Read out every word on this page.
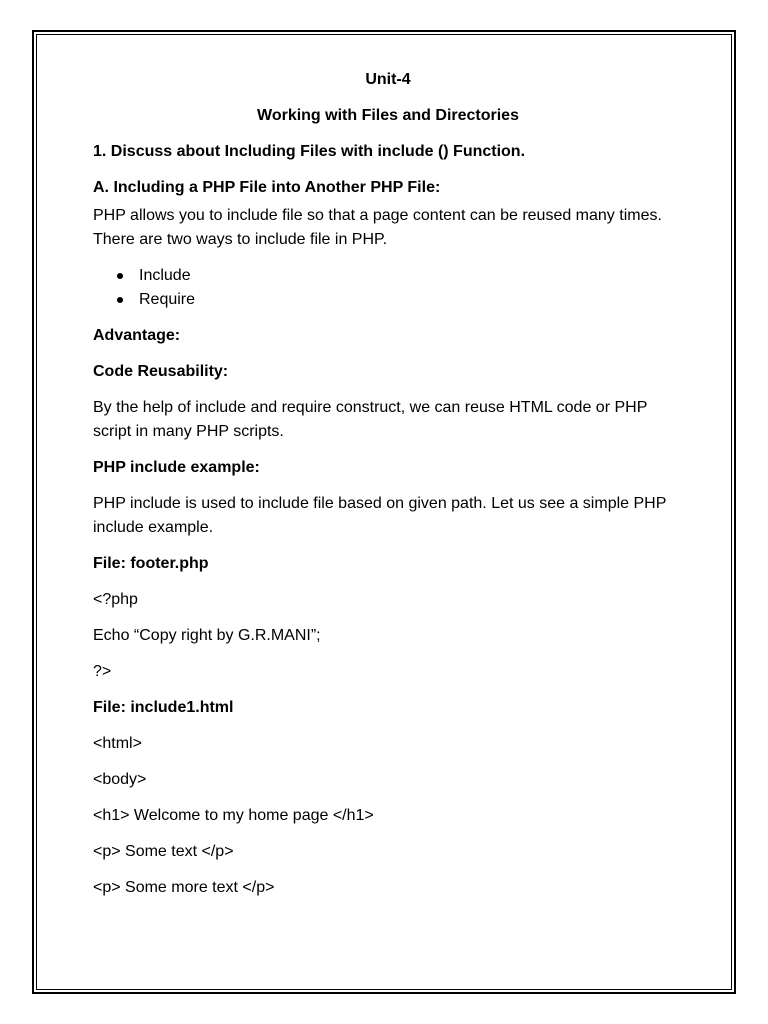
Unit-4

Working with Files and Directories

1. Discuss about Including Files with include () Function.

A. Including a PHP File into Another PHP File:

PHP allows you to include file so that a page content can be reused many times. There are two ways to include file in PHP.

Include
Require

Advantage:

Code Reusability:

By the help of include and require construct, we can reuse HTML code or PHP script in many PHP scripts.

PHP include example:

PHP include is used to include file based on given path. Let us see a simple PHP include example.

File: footer.php

<?php

Echo “Copy right by G.R.MANI”;

?>

File: include1.html

<html>

<body>

<h1> Welcome to my home page </h1>

<p> Some text </p>

<p> Some more text </p>
